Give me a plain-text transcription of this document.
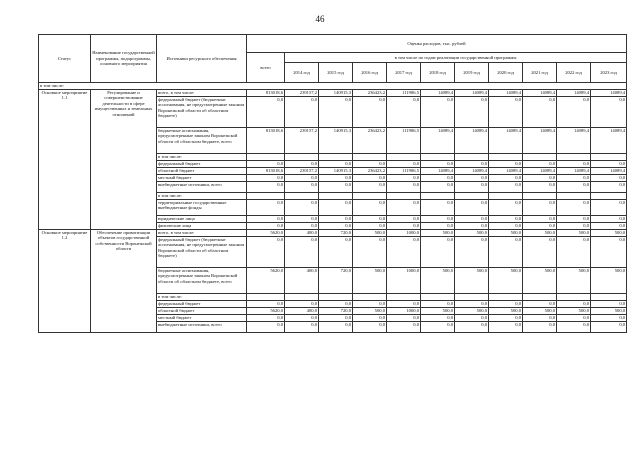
46
Статус	Наименование государственной программы, подпрограммы, основного мероприятия	Источники ресурсного обеспечения	Оценка расходов, тыс. рублей										
			всего	в том числе по годам реализации государственной программы									
				2014 год	2015 год	2016 год	2017 год	2018 год	2019 год	2020 год	2021 год	2022 год	2023 год
в том числе:													
Основное мероприятие 1.1	Регулирование и совершенствование деятельности в сфере имущественных и земельных отношений	всего, в том числе:	813018,6	239157,2	140915,3	236423,2	111986,5	14089,4	14089,4	14089,4	14089,4	14089,4	14089,4
		федеральный бюджет (бюджетные ассигнования, не предусмотренные законом Воронежской области об областном бюджете)	0,0	0,0	0,0	0,0	0,0	0,0	0,0	0,0	0,0	0,0	0,0
		бюджетные ассигнования, предусмотренные законом Воронежской области об областном бюджете, всего	813018,6	239157,2	140915,3	236423,2	111986,5	14089,4	14089,4	14089,4	14089,4	14089,4	14089,4
		в том числе:											
		федеральный бюджет	0,0	0,0	0,0	0,0	0,0	0,0	0,0	0,0	0,0	0,0	0,0
		областной бюджет	813018,6	239157,2	140915,3	236423,2	111986,5	14089,4	14089,4	14089,4	14089,4	14089,4	14089,4
		местный бюджет	0,0	0,0	0,0	0,0	0,0	0,0	0,0	0,0	0,0	0,0	0,0
		внебюджетные источники, всего	0,0	0,0	0,0	0,0	0,0	0,0	0,0	0,0	0,0	0,0	0,0
		в том числе:											
		территориальные государственные внебюджетные фонды	0,0	0,0	0,0	0,0	0,0	0,0	0,0	0,0	0,0	0,0	0,0
		юридические лица	0,0	0,0	0,0	0,0	0,0	0,0	0,0	0,0	0,0	0,0	0,0
		физические лица	0,0	0,0	0,0	0,0	0,0	0,0	0,0	0,0	0,0	0,0	0,0
Основное мероприятие 1.2	Обеспечение приватизации объектов государственной собственности Воронежской области	всего, в том числе:	5620,0	400,0	720,0	500,0	1000,0	500,0	500,0	500,0	500,0	500,0	500,0
		федеральный бюджет (бюджетные ассигнования, не предусмотренные законом Воронежской области об областном бюджете)	0,0	0,0	0,0	0,0	0,0	0,0	0,0	0,0	0,0	0,0	0,0
		бюджетные ассигнования, предусмотренные законом Воронежской области об областном бюджете, всего	5620,0	400,0	720,0	500,0	1000,0	500,0	500,0	500,0	500,0	500,0	500,0
		в том числе:											
		федеральный бюджет	0,0	0,0	0,0	0,0	0,0	0,0	0,0	0,0	0,0	0,0	0,0
		областной бюджет	5620,0	400,0	720,0	500,0	1000,0	500,0	500,0	500,0	500,0	500,0	500,0
		местный бюджет	0,0	0,0	0,0	0,0	0,0	0,0	0,0	0,0	0,0	0,0	0,0
		внебюджетные источники, всего	0,0	0,0	0,0	0,0	0,0	0,0	0,0	0,0	0,0	0,0	0,0
